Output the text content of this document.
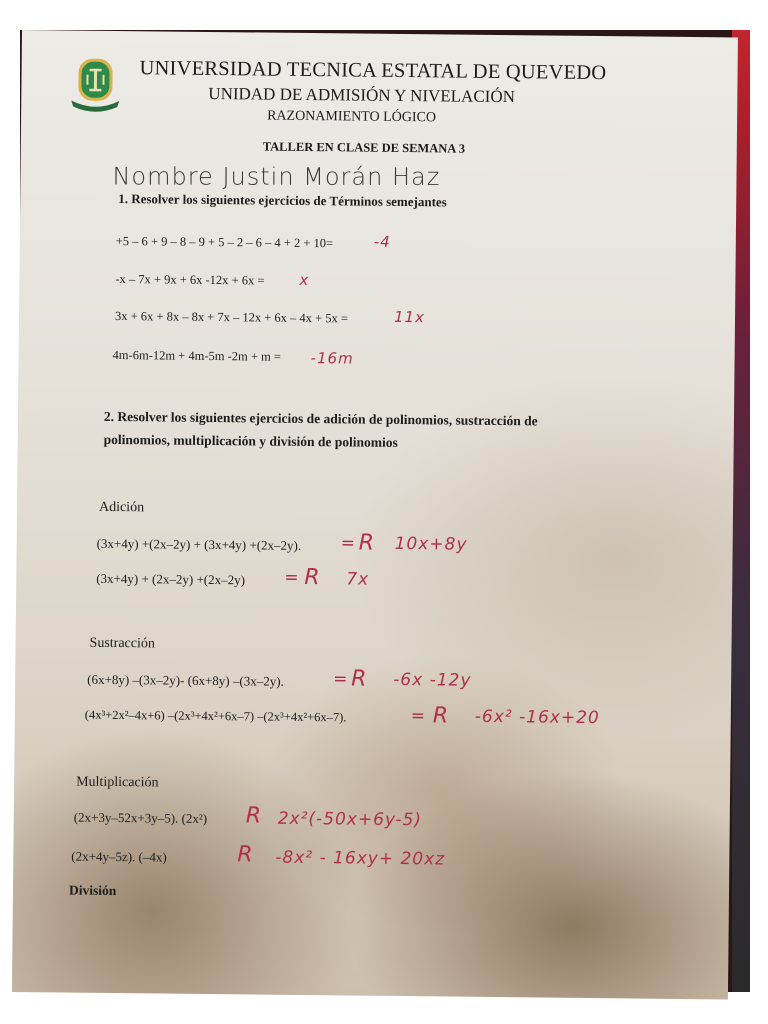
UNIVERSIDAD TECNICA ESTATAL DE QUEVEDO
UNIDAD DE ADMISIÓN Y NIVELACIÓN
RAZONAMIENTO LÓGICO
TALLER EN CLASE DE SEMANA 3
Nombre Justin Morán Haz
1. Resolver los siguientes ejercicios de Términos semejantes
+5 – 6 + 9 – 8 – 9 + 5 – 2 – 6 – 4 + 2 + 10=	-4
-x – 7x + 9x + 6x -12x + 6x = x
3x + 6x + 8x – 8x + 7x – 12x + 6x – 4x + 5x =	11x
4m-6m-12m + 4m-5m -2m + m = -16m
2. Resolver los siguientes ejercicios de adición de polinomios, sustracción de
polinomios, multiplicación y división de polinomios
Adición
(3x+4y) +(2x–2y) + (3x+4y) +(2x–2y). = R 10x+8y
(3x+4y) + (2x–2y) +(2x–2y) = R 7x
Sustracción
(6x+8y) –(3x–2y)- (6x+8y) –(3x–2y).	= R -6x -12y
(4x³+2x²–4x+6) –(2x³+4x²+6x–7) –(2x³+4x²+6x–7).	= R -6x² -16x+20
Multiplicación
(2x+3y–52x+3y–5). (2x²) R 2x²(-50x+6y-5)
(2x+4y–5z). (–4x)	R -8x² - 16xy+ 20xz
División
